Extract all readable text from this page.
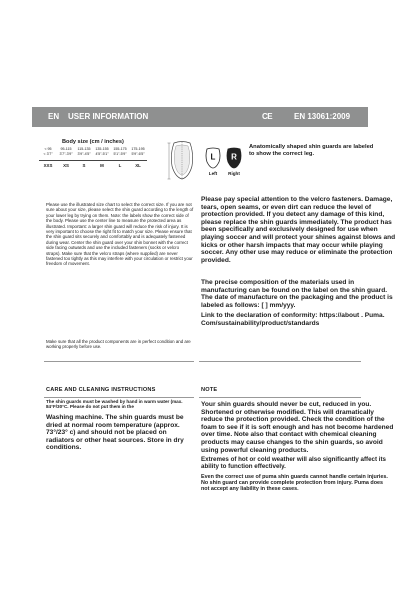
EN USER INFORMATION	CE	EN 13061:2009
Body size (cm / inches)
< 95	95-115	115-135	135-155	155-175	175-195
< 3'7"	3'7"-3'9"	3'9"-4'5"	4'5"-5'1"	5'1"-5'9"	5'9"-6'5"

XXS	XS	S	M	L	XL
L R
Left	Right
Anatomically shaped shin guards are labeled to show the correct leg.
Please use the illustrated size chart to select the correct size. If you are not sure about your size, please select the shin guard according to the length of your lower leg by trying on them. Note: the labels show the correct side of the body. Please use the center line to measure the protected area as illustrated. Important: a larger shin guard will reduce the risk of injury. It is very important to choose the right fit to match your size. Please ensure that the shin guard sits securely and comfortably and is adequately fastened during wear. Center the shin guard over your shin bonnet with the correct side facing outwards and use the included fasteners (socks or velcro straps). Make sure that the velcro straps (where supplied) are never fastened too tightly as this may interfere with your circulation or restrict your freedom of movement.
Make sure that all the product components are in perfect condition and are working properly before use.
Please pay special attention to the velcro fasteners. Damage, tears, open seams, or even dirt can reduce the level of protection provided. If you detect any damage of this kind, please replace the shin guards immediately. The product has been specifically and exclusively designed for use when playing soccer and will protect your shines against blows and kicks or other harsh impacts that may occur while playing soccer. Any other use may reduce or eliminate the protection provided.
The precise composition of the materials used in manufacturing can be found on the label on the shin guard. The date of manufacture on the packaging and the product is labeled as follows: [ ] mm/yyy.
Link to the declaration of conformity: https://about . Puma. Com/sustainability/product/standards
CARE AND CLEANING INSTRUCTIONS
The shin guards must be washed by hand in warm water (max. 84°F/30°C. Please do not put them in the
Washing machine. The shin guards must be dried at normal room temperature (approx. 73°/23° c) and should not be placed on radiators or other heat sources. Store in dry conditions.
NOTE
Your shin guards should never be cut, reduced in you. Shortened or otherwise modified. This will dramatically reduce the protection provided. Check the condition of the foam to see if it is soft enough and has not become hardened over time. Note also that contact with chemical cleaning products may cause changes to the shin guards, so avoid using powerful cleaning products.
Extremes of hot or cold weather will also significantly affect its ability to function effectively.
Even the correct use of puma shin guards cannot handle certain injuries. No shin guard can provide complete protection from injury. Puma does not accept any liability in these cases.
